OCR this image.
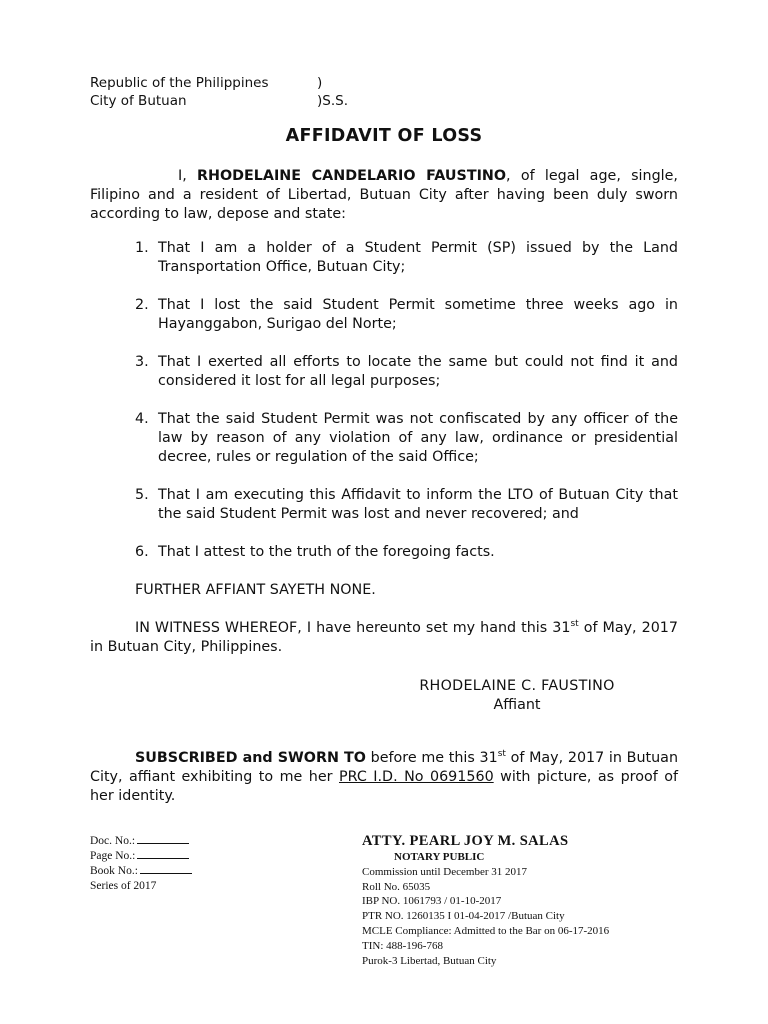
Republic of the Philippines	)
City of Butuan	)S.S.
AFFIDAVIT OF LOSS

I, RHODELAINE CANDELARIO FAUSTINO, of legal age, single, Filipino and a resident of Libertad, Butuan City after having been duly sworn according to law, depose and state:

1. That I am a holder of a Student Permit (SP) issued by the Land Transportation Office, Butuan City;
2. That I lost the said Student Permit sometime three weeks ago in Hayanggabon, Surigao del Norte;
3. That I exerted all efforts to locate the same but could not find it and considered it lost for all legal purposes;
4. That the said Student Permit was not confiscated by any officer of the law by reason of any violation of any law, ordinance or presidential decree, rules or regulation of the said Office;
5. That I am executing this Affidavit to inform the LTO of Butuan City that the said Student Permit was lost and never recovered; and
6. That I attest to the truth of the foregoing facts.

FURTHER AFFIANT SAYETH NONE.

IN WITNESS WHEREOF, I have hereunto set my hand this 31st of May, 2017 in Butuan City, Philippines.

RHODELAINE C. FAUSTINO
Affiant
SUBSCRIBED and SWORN TO before me this 31st of May, 2017 in Butuan City, affiant exhibiting to me her PRC I.D. No 0691560 with picture, as proof of her identity.
Doc. No.:
Page No.:
Book No.:
Series of 2017
ATTY. PEARL JOY M. SALAS
NOTARY PUBLIC
Commission until December 31 2017
Roll No. 65035
IBP NO. 1061793 / 01-10-2017
PTR NO. 1260135 I 01-04-2017 /Butuan City
MCLE Compliance: Admitted to the Bar on 06-17-2016
TIN: 488-196-768
Purok-3 Libertad, Butuan City
